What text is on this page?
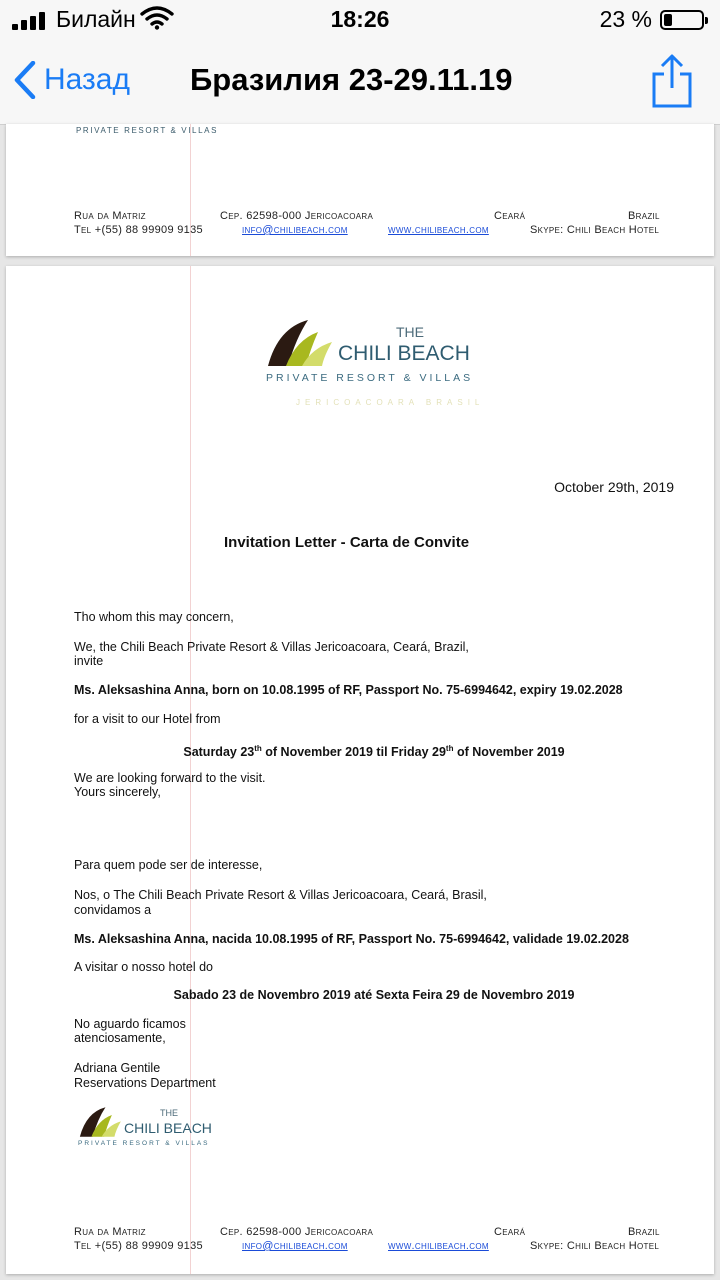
Билайн	18:26	23 %
Назад Бразилия 23-29.11.19
PRIVATE RESORT & VILLAS
Rua da Matriz	Cep. 62598-000 Jericoacoara	Ceará	Brazil
Tel +(55) 88 99909 9135	info@chilibeach.com	www.chilibeach.com	Skype: Chili Beach Hotel
THE
CHILI BEACH
PRIVATE RESORT & VILLAS
JERICOACOARA BRASIL
October 29th, 2019
Invitation Letter - Carta de Convite
Tho whom this may concern,
We, the Chili Beach Private Resort & Villas Jericoacoara, Ceará, Brazil,
invite
Ms. Aleksashina Anna, born on 10.08.1995 of RF, Passport No. 75-6994642, expiry 19.02.2028
for a visit to our Hotel from
Saturday 23th of November 2019 til Friday 29th of November 2019
We are looking forward to the visit.
Yours sincerely,
Para quem pode ser de interesse,
Nos, o The Chili Beach Private Resort & Villas Jericoacoara, Ceará, Brasil,
convidamos a
Ms. Aleksashina Anna, nacida 10.08.1995 of RF, Passport No. 75-6994642, validade 19.02.2028
A visitar o nosso hotel do
Sabado 23 de Novembro 2019 até Sexta Feira 29 de Novembro 2019
No aguardo ficamos
atenciosamente,
Adriana Gentile
Reservations Department
THE
CHILI BEACH
PRIVATE RESORT & VILLAS
Rua da Matriz	Cep. 62598-000 Jericoacoara	Ceará	Brazil
Tel +(55) 88 99909 9135	info@chilibeach.com	www.chilibeach.com	Skype: Chili Beach Hotel
